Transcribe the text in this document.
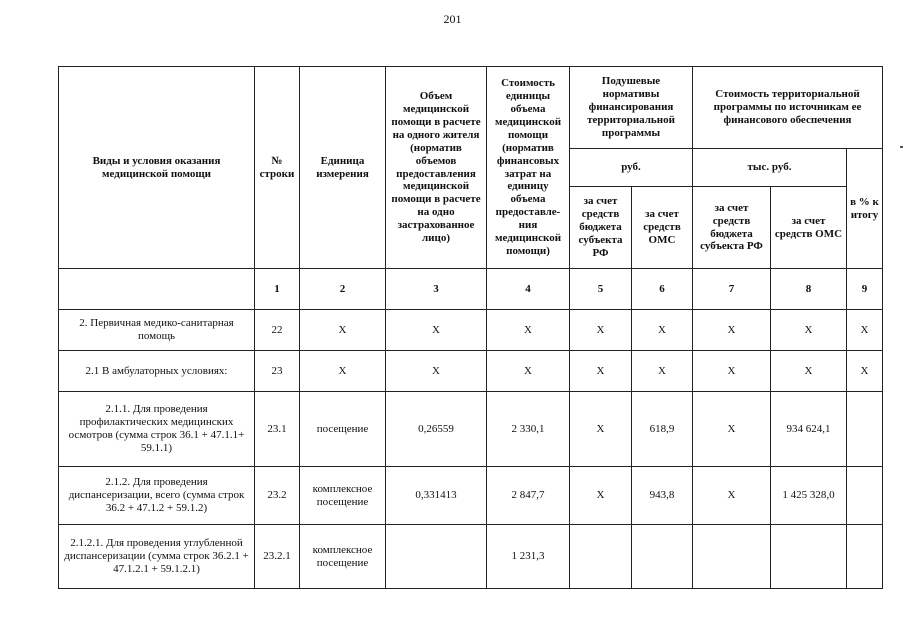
201
Виды и условия оказания медицинской помощи	№ строки	Единица измерения	Объем медицинской помощи в расчете на одного жителя (норматив объемов предоставления медицинской помощи в расчете на одно застрахованное лицо)	Стоимость единицы объема медицинской помощи (норматив финансовых затрат на единицу объема предоставле-ния медицинской помощи)	Подушевые нормативы финансирования территориальной программы		Стоимость территориальной программы по источникам ее финансового обеспечения		
					руб.		тыс. руб.		в % к итогу
					за счет средств бюджета субъекта РФ	за счет средств ОМС	за счет средств бюджета субъекта РФ	за счет средств ОМС	
	1	2	3	4	5	6	7	8	9
2. Первичная медико-санитарная помощь	22	Х	Х	Х	Х	Х	Х	Х	Х
2.1 В амбулаторных условиях:	23	Х	Х	Х	Х	Х	Х	Х	Х
2.1.1. Для проведения профилактических медицинских осмотров (сумма строк 36.1 + 47.1.1+ 59.1.1)	23.1	посещение	0,26559	2 330,1	Х	618,9	Х	934 624,1	
2.1.2. Для проведения диспансеризации, всего (сумма строк 36.2 + 47.1.2 + 59.1.2)	23.2	комплексное посещение	0,331413	2 847,7	Х	943,8	Х	1 425 328,0	
2.1.2.1. Для проведения углубленной диспансеризации (сумма строк 36.2.1 + 47.1.2.1 + 59.1.2.1)	23.2.1	комплексное посещение		1 231,3					
